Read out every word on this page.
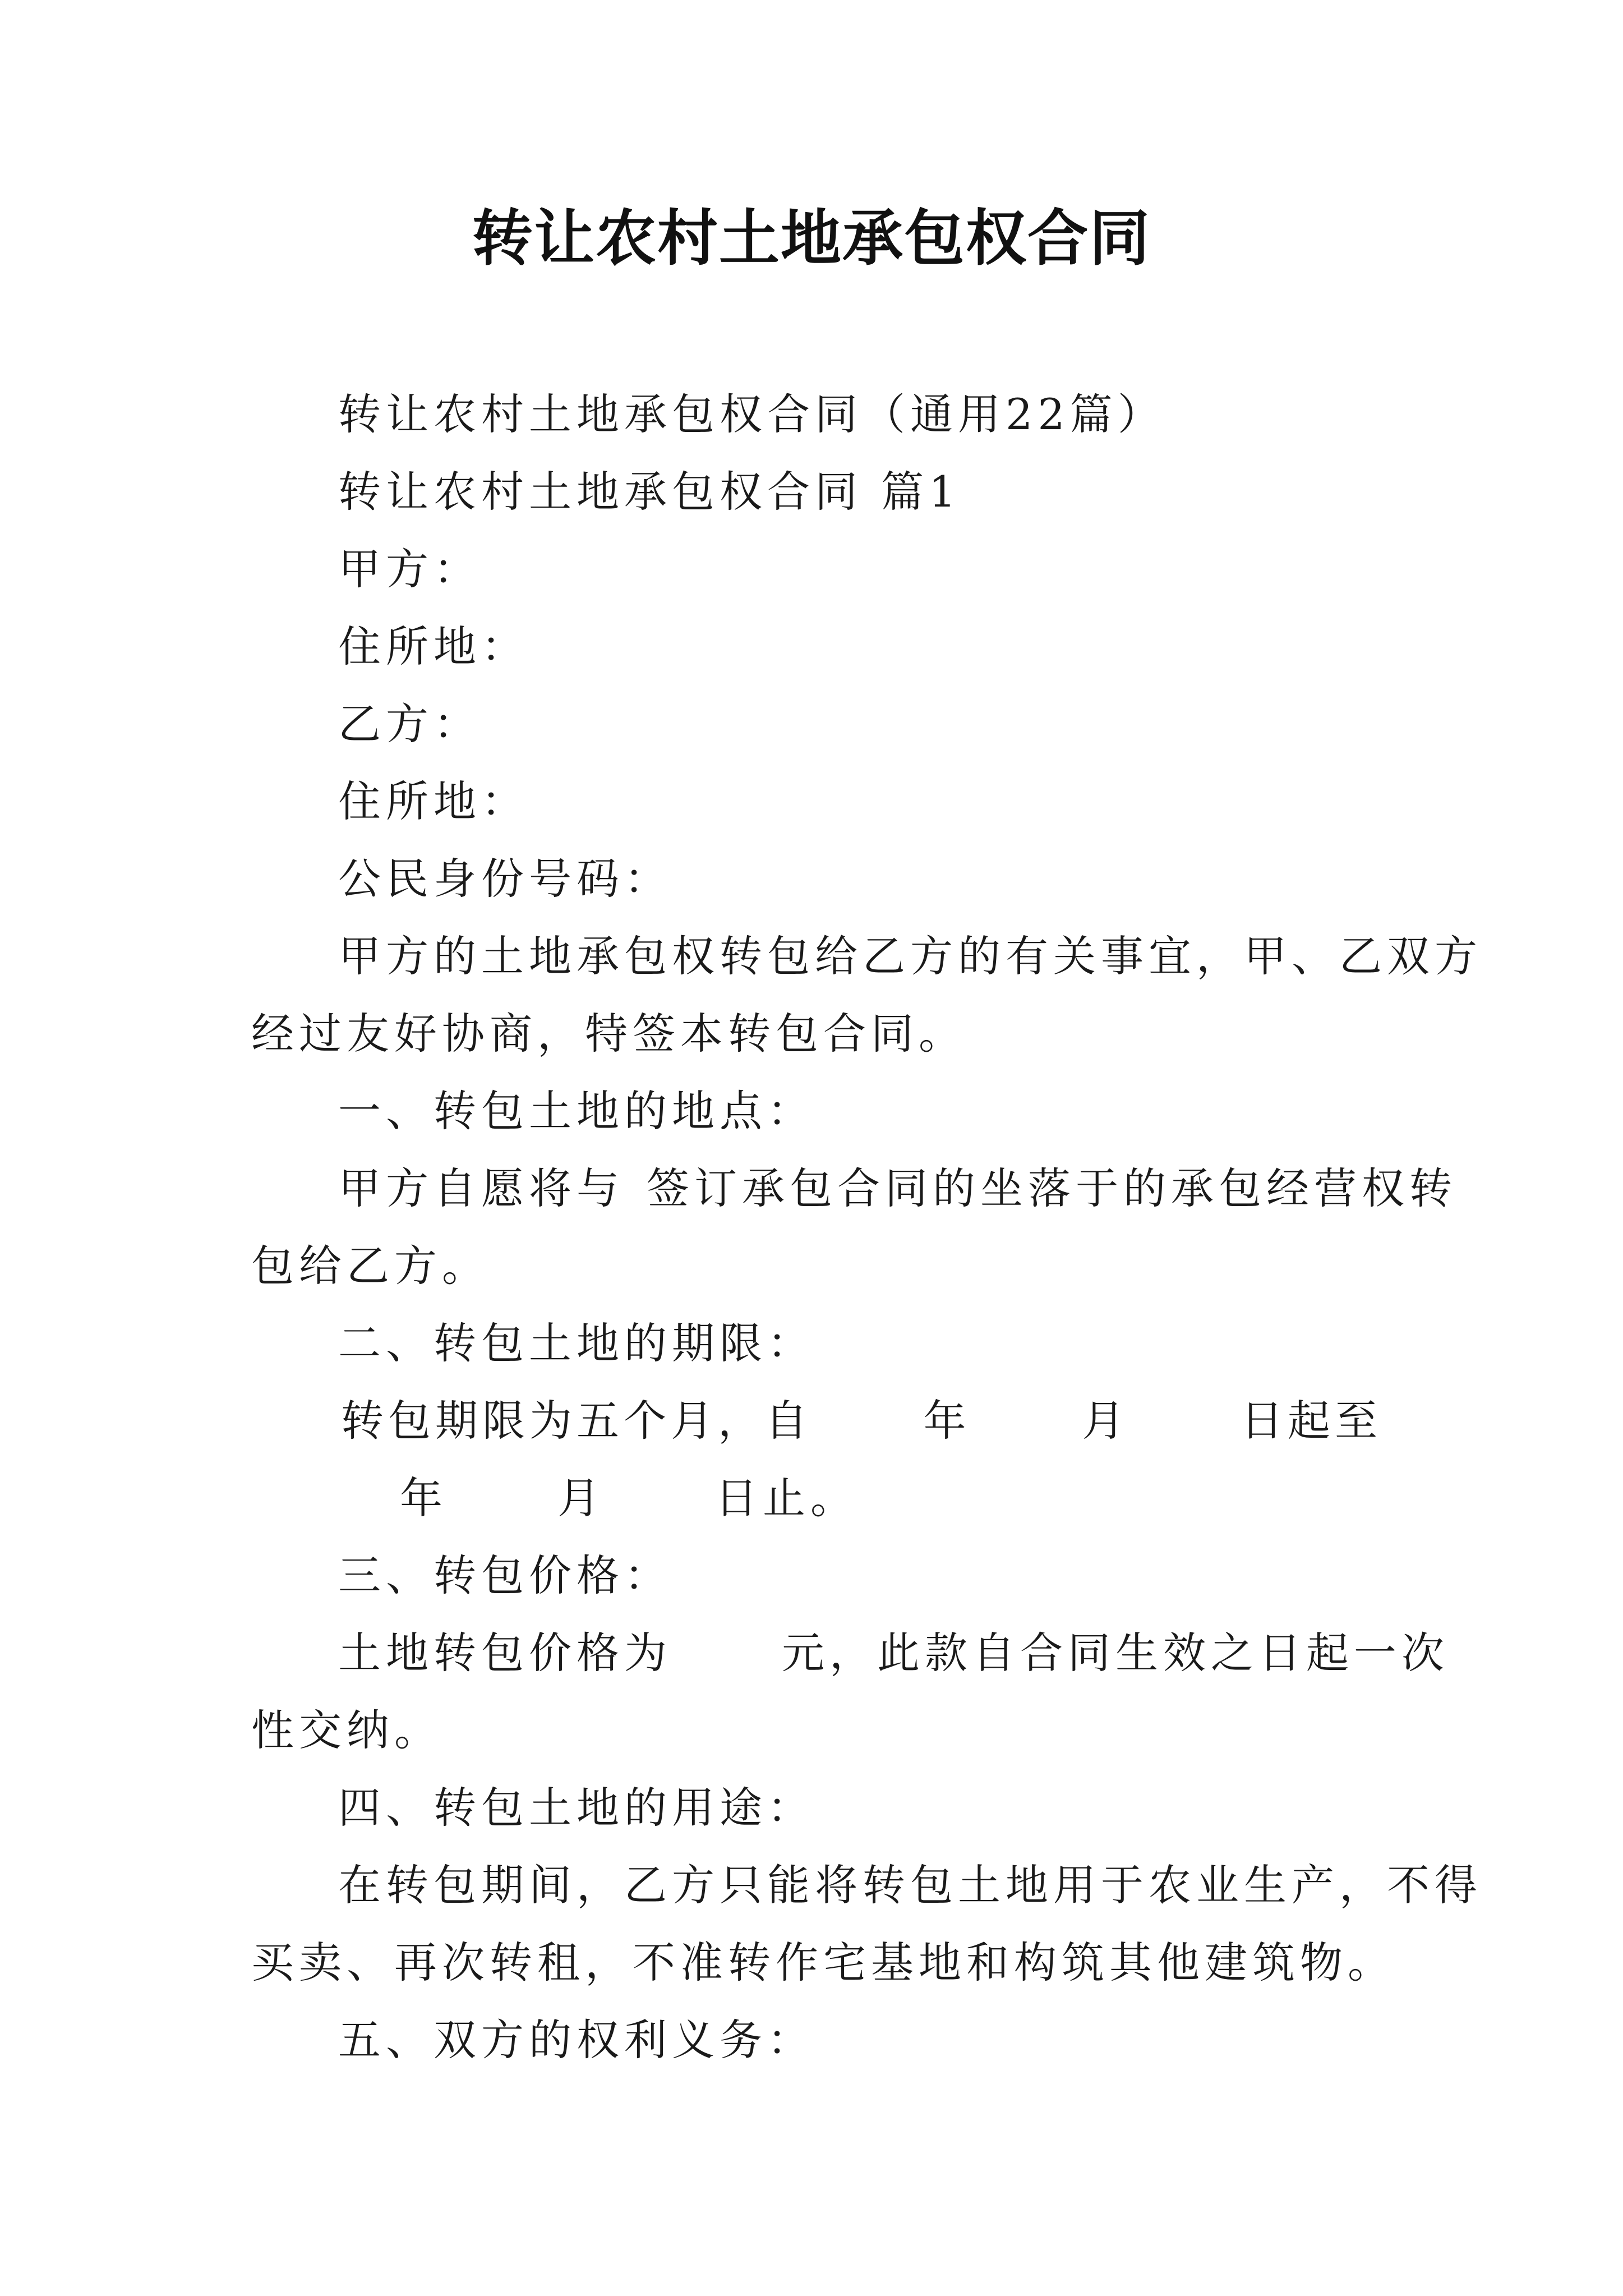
转让农村土地承包权合同
转让农村土地承包权合同（通用22篇）
转让农村土地承包权合同 篇1
甲方：
住所地：
乙方：
住所地：
公民身份号码：
甲方的土地承包权转包给乙方的有关事宜，甲、乙双方
经过友好协商，特签本转包合同。
一、转包土地的地点：
甲方自愿将与 签订承包合同的坐落于的承包经营权转
包给乙方。
二、转包土地的期限：
转包期限为五个月，自	年	月	日起至
年	月	日止。
三、转包价格：
土地转包价格为	元，此款自合同生效之日起一次
性交纳。
四、转包土地的用途：
在转包期间，乙方只能将转包土地用于农业生产，不得
买卖、再次转租，不准转作宅基地和构筑其他建筑物。
五、双方的权利义务：
